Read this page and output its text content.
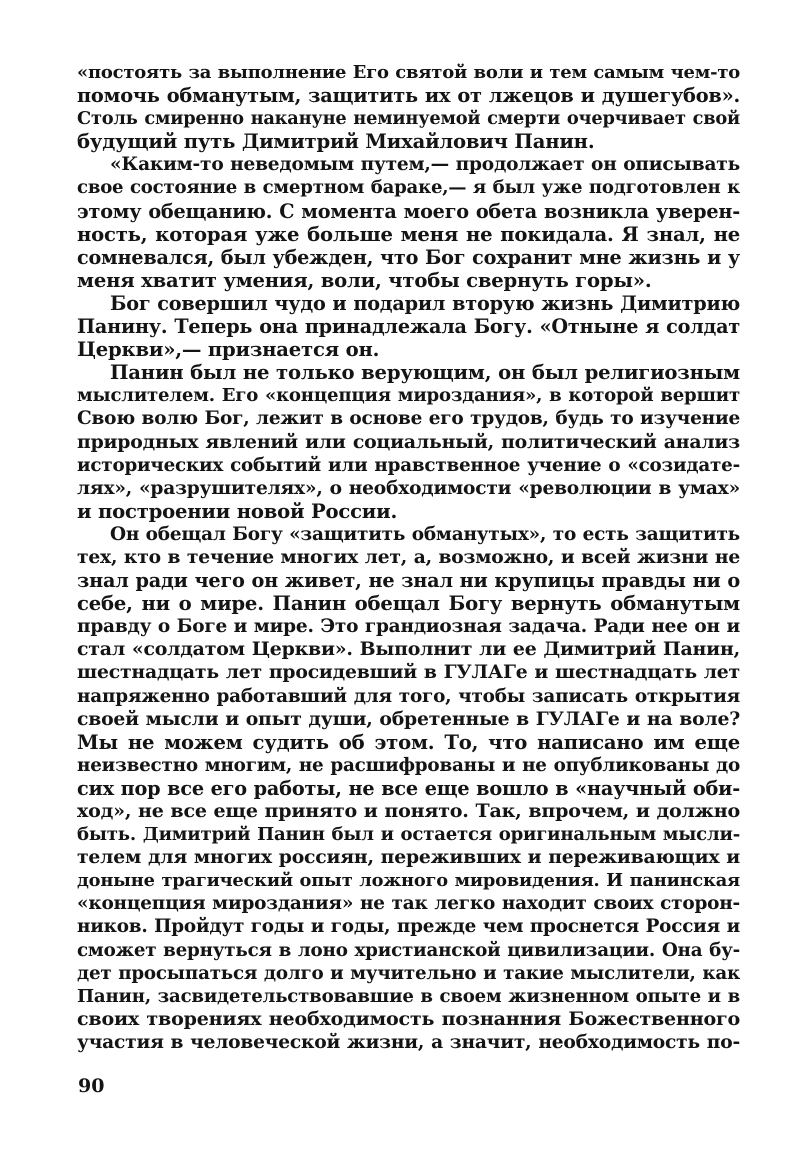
«постоять за выполнение Его святой воли и тем самым чем-то
помочь обманутым, защитить их от лжецов и душегубов».
Столь смиренно накануне неминуемой смерти очерчивает свой
будущий путь Димитрий Михайлович Панин.
«Каким-то неведомым путем,— продолжает он описывать
свое состояние в смертном бараке,— я был уже подготовлен к
этому обещанию. С момента моего обета возникла уверен-
ность, которая уже больше меня не покидала. Я знал, не
сомневался, был убежден, что Бог сохранит мне жизнь и у
меня хватит умения, воли, чтобы свернуть горы».
Бог совершил чудо и подарил вторую жизнь Димитрию
Панину. Теперь она принадлежала Богу. «Отныне я солдат
Церкви»,— признается он.
Панин был не только верующим, он был религиозным
мыслителем. Его «концепция мироздания», в которой вершит
Свою волю Бог, лежит в основе его трудов, будь то изучение
природных явлений или социальный, политический анализ
исторических событий или нравственное учение о «созидате-
лях», «разрушителях», о необходимости «революции в умах»
и построении новой России.
Он обещал Богу «защитить обманутых», то есть защитить
тех, кто в течение многих лет, а, возможно, и всей жизни не
знал ради чего он живет, не знал ни крупицы правды ни о
себе, ни о мире. Панин обещал Богу вернуть обманутым
правду о Боге и мире. Это грандиозная задача. Ради нее он и
стал «солдатом Церкви». Выполнит ли ее Димитрий Панин,
шестнадцать лет просидевший в ГУЛАГе и шестнадцать лет
напряженно работавший для того, чтобы записать открытия
своей мысли и опыт души, обретенные в ГУЛАГе и на воле?
Мы не можем судить об этом. То, что написано им еще
неизвестно многим, не расшифрованы и не опубликованы до
сих пор все его работы, не все еще вошло в «научный оби-
ход», не все еще принято и понято. Так, впрочем, и должно
быть. Димитрий Панин был и остается оригинальным мысли-
телем для многих россиян, переживших и переживающих и
доныне трагический опыт ложного мировидения. И панинская
«концепция мироздания» не так легко находит своих сторон-
ников. Пройдут годы и годы, прежде чем проснется Россия и
сможет вернуться в лоно христианской цивилизации. Она бу-
дет просыпаться долго и мучительно и такие мыслители, как
Панин, засвидетельствовавшие в своем жизненном опыте и в
своих творениях необходимость познанния Божественного
участия в человеческой жизни, а значит, необходимость по-
90
